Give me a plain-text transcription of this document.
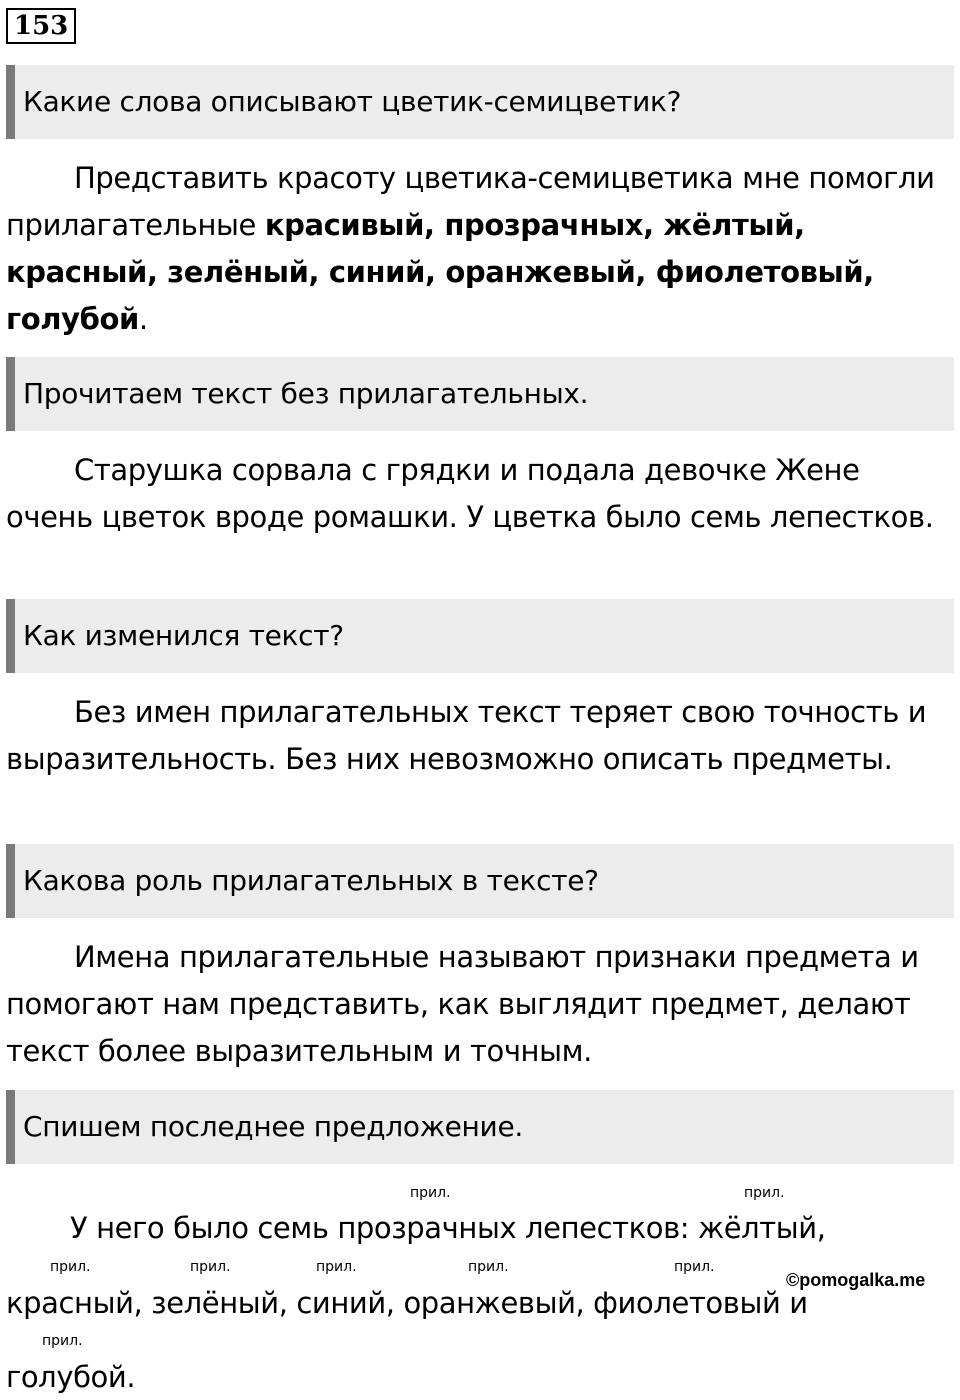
153
Какие слова описывают цветик-семицветик?

Представить красоту цветика-семицветика мне помогли прилагательные красивый, прозрачных, жёлтый, красный, зелёный, синий, оранжевый, фиолетовый, голубой.

Прочитаем текст без прилагательных.

Старушка сорвала с грядки и подала девочке Жене очень цветок вроде ромашки. У цветка было семь лепестков.

Как изменился текст?

Без имен прилагательных текст теряет свою точность и выразительность. Без них невозможно описать предметы.

Какова роль прилагательных в тексте?

Имена прилагательные называют признаки предмета и помогают нам представить, как выглядит предмет, делают текст более выразительным и точным.

Спишем последнее предложение.
прил.	прил.
У него было семь прозрачных лепестков: жёлтый,
прил.	прил.	прил.	прил.	прил.
красный, зелёный, синий, оранжевый, фиолетовый и
прил.
голубой.
©pomogalka.me
